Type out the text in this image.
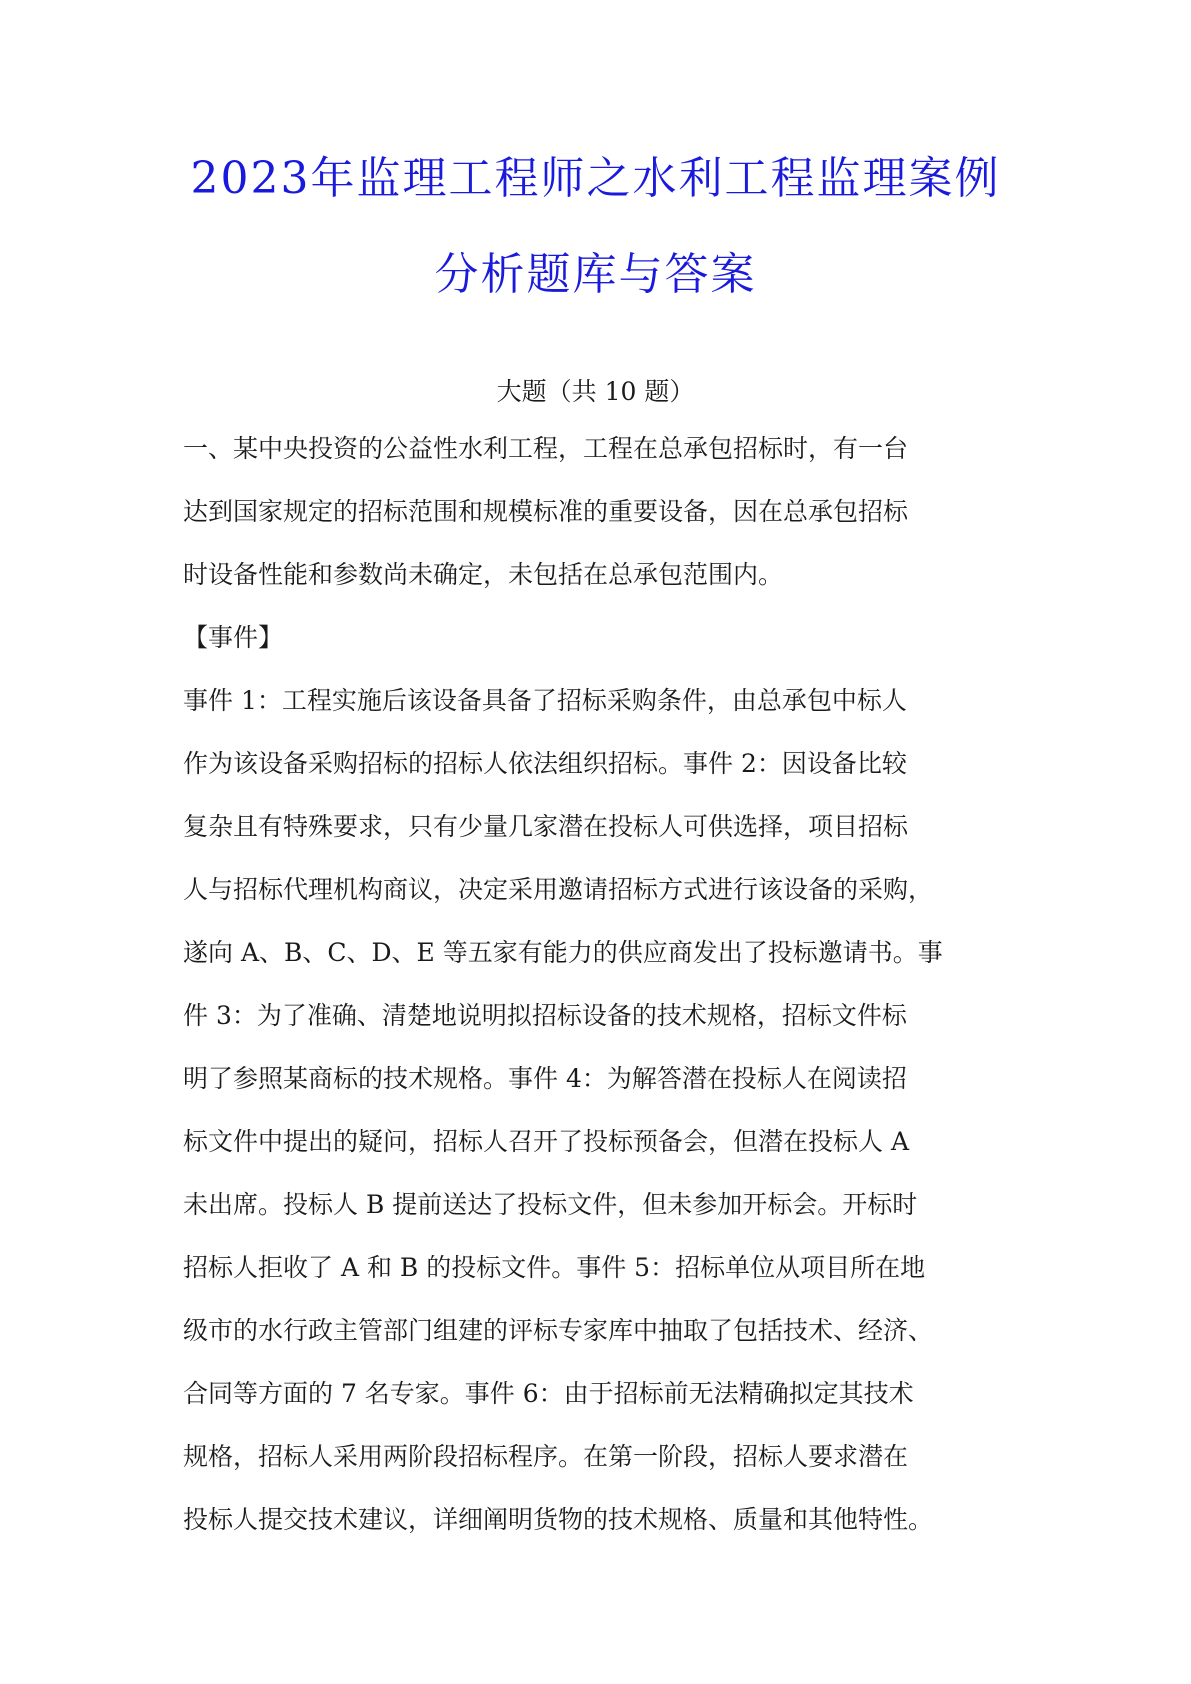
2023年监理工程师之水利工程监理案例
分析题库与答案
大题（共 10 题）
一、某中央投资的公益性水利工程，工程在总承包招标时，有一台
达到国家规定的招标范围和规模标准的重要设备，因在总承包招标
时设备性能和参数尚未确定，未包括在总承包范围内。
【事件】
事件 1：工程实施后该设备具备了招标采购条件，由总承包中标人
作为该设备采购招标的招标人依法组织招标。事件 2：因设备比较
复杂且有特殊要求，只有少量几家潜在投标人可供选择，项目招标
人与招标代理机构商议，决定采用邀请招标方式进行该设备的采购，
遂向 A、B、C、D、E 等五家有能力的供应商发出了投标邀请书。事
件 3：为了准确、清楚地说明拟招标设备的技术规格，招标文件标
明了参照某商标的技术规格。事件 4：为解答潜在投标人在阅读招
标文件中提出的疑问，招标人召开了投标预备会，但潜在投标人 A
未出席。投标人 B 提前送达了投标文件，但未参加开标会。开标时
招标人拒收了 A 和 B 的投标文件。事件 5：招标单位从项目所在地
级市的水行政主管部门组建的评标专家库中抽取了包括技术、经济、
合同等方面的 7 名专家。事件 6：由于招标前无法精确拟定其技术
规格，招标人采用两阶段招标程序。在第一阶段，招标人要求潜在
投标人提交技术建议，详细阐明货物的技术规格、质量和其他特性。
